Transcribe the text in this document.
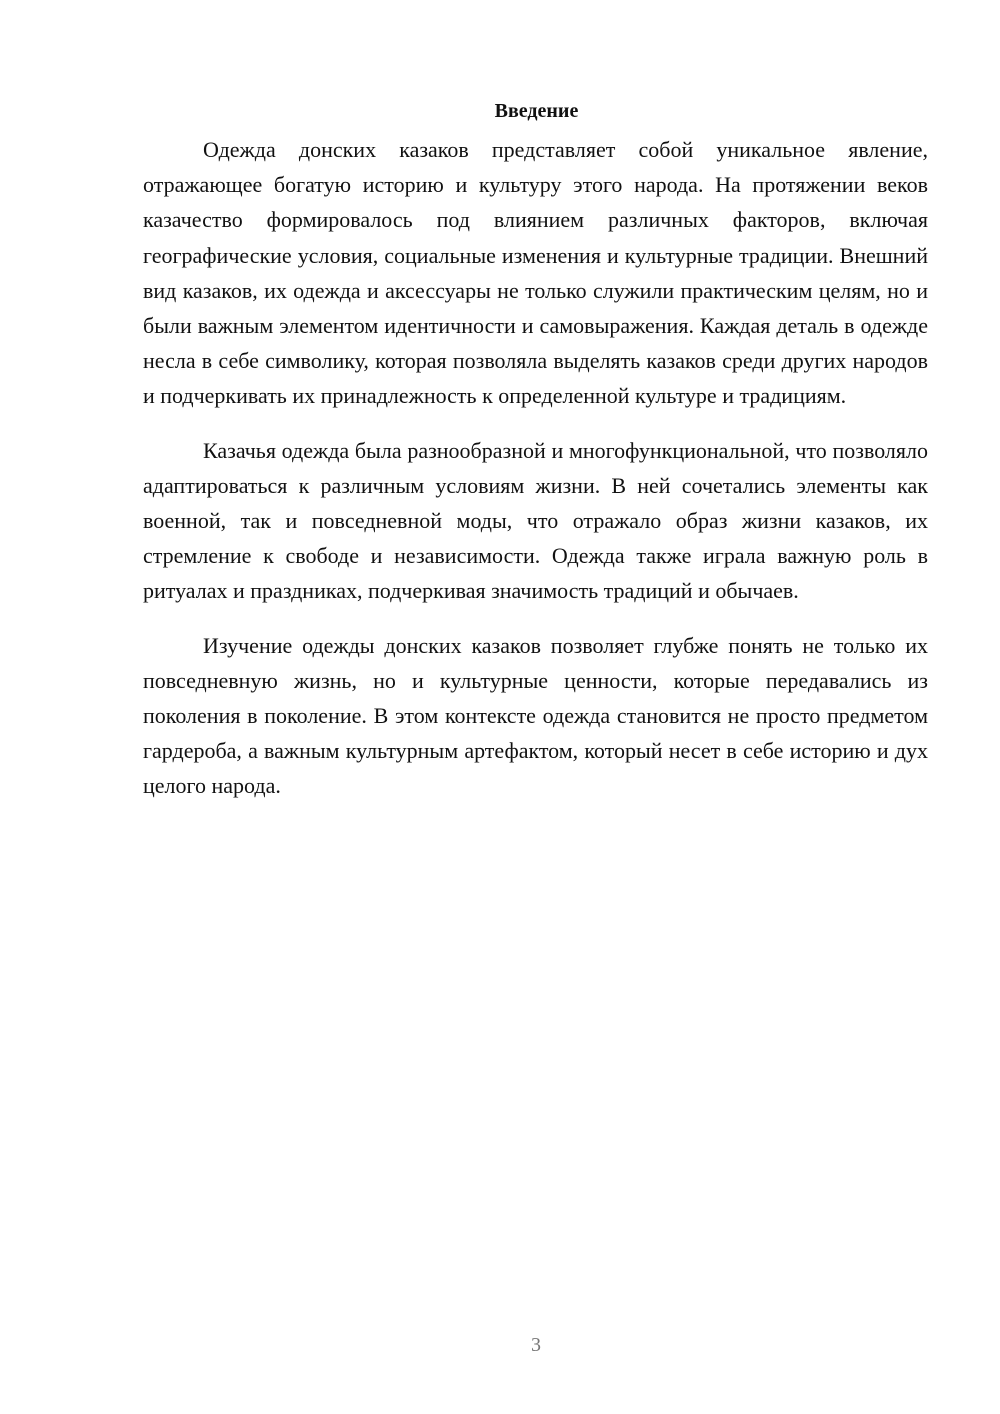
Введение

Одежда донских казаков представляет собой уникальное явление, отражающее богатую историю и культуру этого народа. На протяжении веков казачество формировалось под влиянием различных факторов, включая географические условия, социальные изменения и культурные традиции. Внешний вид казаков, их одежда и аксессуары не только служили практическим целям, но и были важным элементом идентичности и самовыражения. Каждая деталь в одежде несла в себе символику, которая позволяла выделять казаков среди других народов и подчеркивать их принадлежность к определенной культуре и традициям.

Казачья одежда была разнообразной и многофункциональной, что позволяло адаптироваться к различным условиям жизни. В ней сочетались элементы как военной, так и повседневной моды, что отражало образ жизни казаков, их стремление к свободе и независимости. Одежда также играла важную роль в ритуалах и праздниках, подчеркивая значимость традиций и обычаев.

Изучение одежды донских казаков позволяет глубже понять не только их повседневную жизнь, но и культурные ценности, которые передавались из поколения в поколение. В этом контексте одежда становится не просто предметом гардероба, а важным культурным артефактом, который несет в себе историю и дух целого народа.

3
